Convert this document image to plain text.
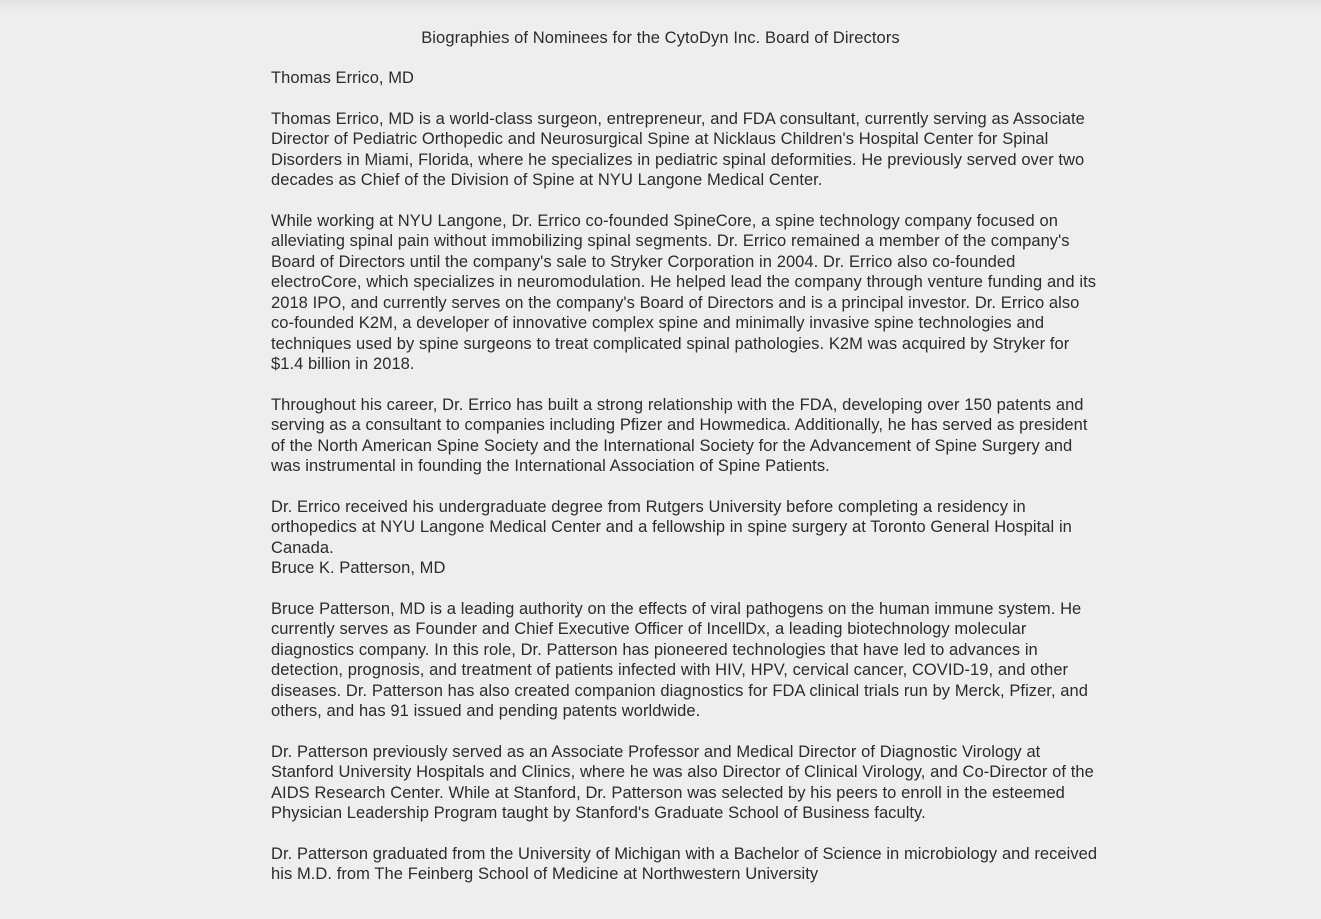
Biographies of Nominees for the CytoDyn Inc. Board of Directors
Thomas Errico, MD

Thomas Errico, MD is a world-class surgeon, entrepreneur, and FDA consultant, currently serving as Associate Director of Pediatric Orthopedic and Neurosurgical Spine at Nicklaus Children's Hospital Center for Spinal Disorders in Miami, Florida, where he specializes in pediatric spinal deformities. He previously served over two decades as Chief of the Division of Spine at NYU Langone Medical Center.

While working at NYU Langone, Dr. Errico co-founded SpineCore, a spine technology company focused on alleviating spinal pain without immobilizing spinal segments. Dr. Errico remained a member of the company's Board of Directors until the company's sale to Stryker Corporation in 2004. Dr. Errico also co-founded electroCore, which specializes in neuromodulation. He helped lead the company through venture funding and its 2018 IPO, and currently serves on the company's Board of Directors and is a principal investor. Dr. Errico also co-founded K2M, a developer of innovative complex spine and minimally invasive spine technologies and techniques used by spine surgeons to treat complicated spinal pathologies. K2M was acquired by Stryker for $1.4 billion in 2018.

Throughout his career, Dr. Errico has built a strong relationship with the FDA, developing over 150 patents and serving as a consultant to companies including Pfizer and Howmedica. Additionally, he has served as president of the North American Spine Society and the International Society for the Advancement of Spine Surgery and was instrumental in founding the International Association of Spine Patients.

Dr. Errico received his undergraduate degree from Rutgers University before completing a residency in orthopedics at NYU Langone Medical Center and a fellowship in spine surgery at Toronto General Hospital in Canada.

Bruce K. Patterson, MD

Bruce Patterson, MD is a leading authority on the effects of viral pathogens on the human immune system. He currently serves as Founder and Chief Executive Officer of IncellDx, a leading biotechnology molecular diagnostics company. In this role, Dr. Patterson has pioneered technologies that have led to advances in detection, prognosis, and treatment of patients infected with HIV, HPV, cervical cancer, COVID-19, and other diseases. Dr. Patterson has also created companion diagnostics for FDA clinical trials run by Merck, Pfizer, and others, and has 91 issued and pending patents worldwide.

Dr. Patterson previously served as an Associate Professor and Medical Director of Diagnostic Virology at Stanford University Hospitals and Clinics, where he was also Director of Clinical Virology, and Co-Director of the AIDS Research Center. While at Stanford, Dr. Patterson was selected by his peers to enroll in the esteemed Physician Leadership Program taught by Stanford's Graduate School of Business faculty.

Dr. Patterson graduated from the University of Michigan with a Bachelor of Science in microbiology and received his M.D. from The Feinberg School of Medicine at Northwestern University
